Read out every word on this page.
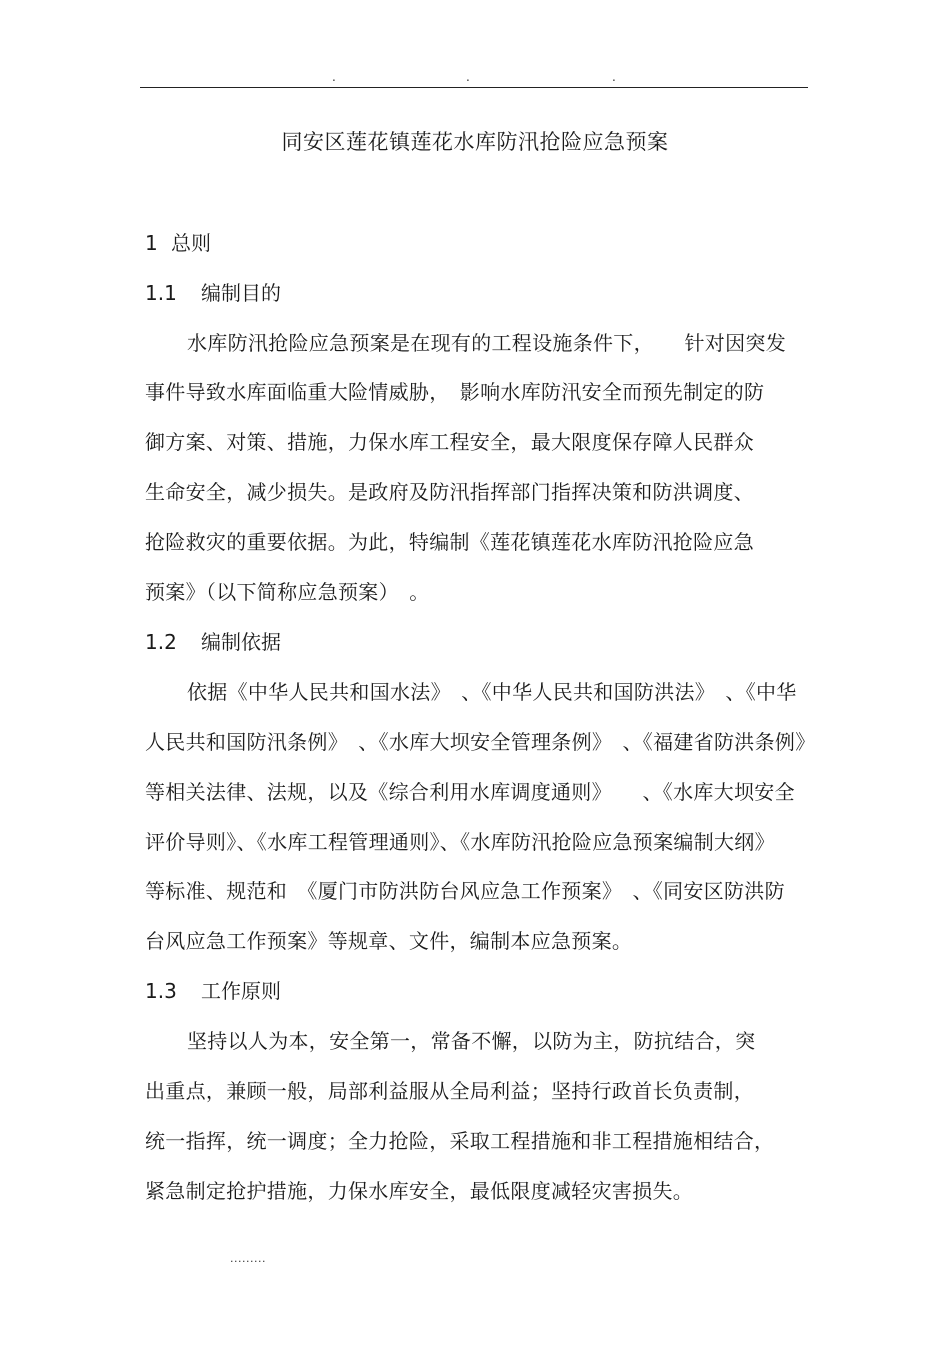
.	.	.
同安区莲花镇莲花水库防汛抢险应急预案
1 总则
1.1 编制目的

水库防汛抢险应急预案是在现有的工程设施条件下，　　针对因突发

事件导致水库面临重大险情威胁，　影响水库防汛安全而预先制定的防

御方案、对策、措施，力保水库工程安全，最大限度保存障人民群众

生命安全，减少损失。是政府及防汛指挥部门指挥决策和防洪调度、

抢险救灾的重要依据。为此，特编制《莲花镇莲花水库防汛抢险应急

预案》（以下简称应急预案）　。

1.2 编制依据

依据《中华人民共和国水法》　、《中华人民共和国防洪法》　、《中华

人民共和国防汛条例》　、《水库大坝安全管理条例》　、《福建省防洪条例》

等相关法律、法规，以及《综合利用水库调度通则》　　、《水库大坝安全

评价导则》、《水库工程管理通则》、《水库防汛抢险应急预案编制大纲》

等标准、规范和　《厦门市防洪防台风应急工作预案》　、《同安区防洪防

台风应急工作预案》等规章、文件，编制本应急预案。

1.3 工作原则

坚持以人为本，安全第一，常备不懈，以防为主，防抗结合，突

出重点，兼顾一般，局部利益服从全局利益；坚持行政首长负责制，

统一指挥，统一调度；全力抢险，采取工程措施和非工程措施相结合，

紧急制定抢护措施，力保水库安全，最低限度减轻灾害损失。

.........
